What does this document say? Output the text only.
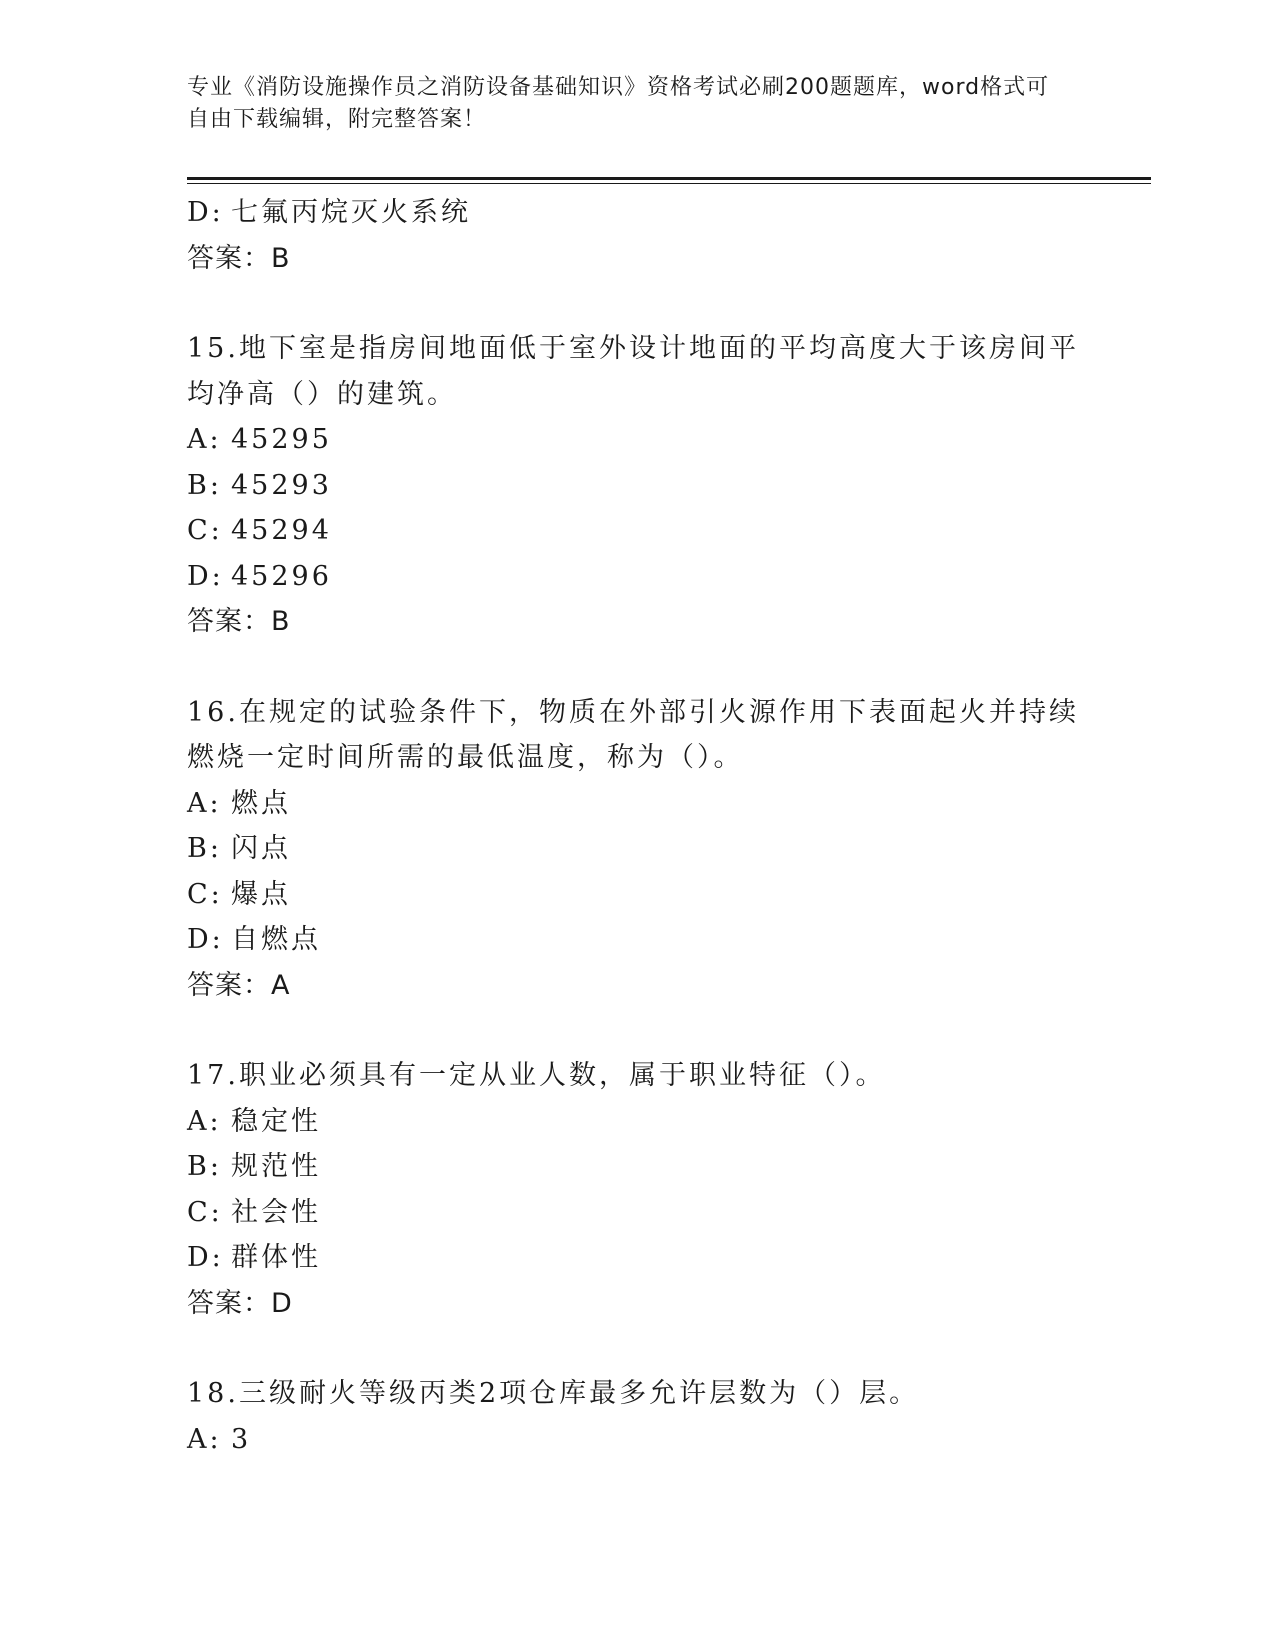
专业《消防设施操作员之消防设备基础知识》资格考试必刷200题题库，word格式可自由下载编辑，附完整答案！
D: 七氟丙烷灭火系统
答案：B
15.地下室是指房间地面低于室外设计地面的平均高度大于该房间平均净高（）的建筑。
A: 45295
B: 45293
C: 45294
D: 45296
答案：B
16.在规定的试验条件下，物质在外部引火源作用下表面起火并持续燃烧一定时间所需的最低温度，称为（）。
A: 燃点
B: 闪点
C: 爆点
D: 自燃点
答案：A
17.职业必须具有一定从业人数，属于职业特征（）。
A: 稳定性
B: 规范性
C: 社会性
D: 群体性
答案：D
18.三级耐火等级丙类2项仓库最多允许层数为（）层。
A: 3
